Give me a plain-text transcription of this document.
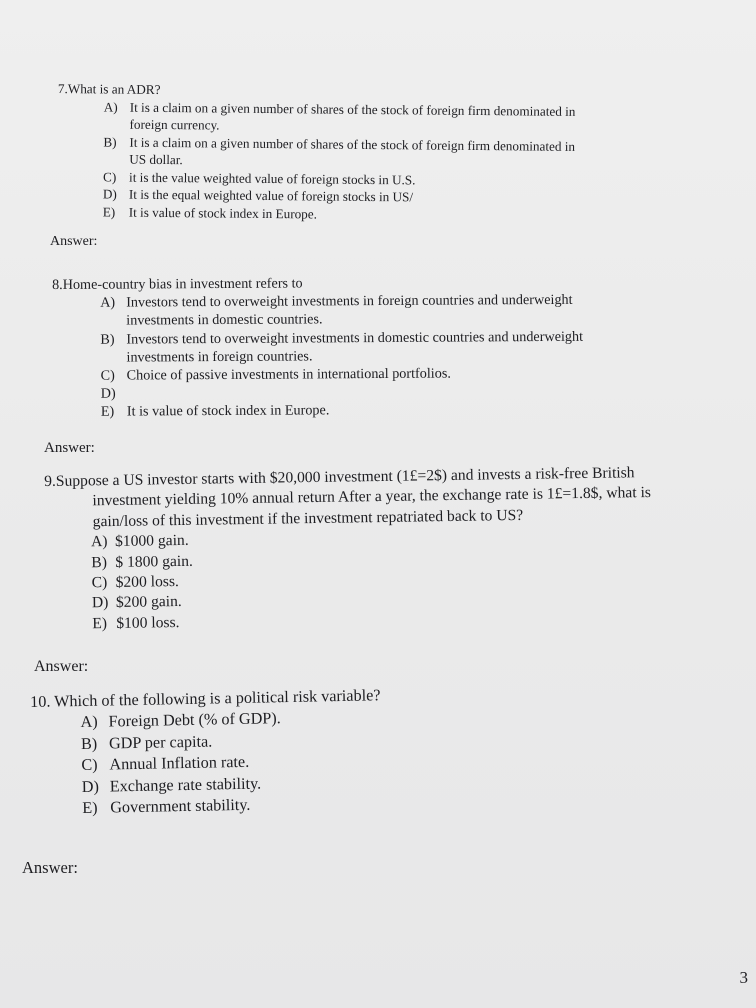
7.What is an ADR?
A) It is a claim on a given number of shares of the stock of foreign firm denominated in
foreign currency.
B) It is a claim on a given number of shares of the stock of foreign firm denominated in
US dollar.
C) it is the value weighted value of foreign stocks in U.S.
D) It is the equal weighted value of foreign stocks in US/
E)	It is value of stock index in Europe.
Answer:
8.Home-country bias in investment refers to
A) Investors tend to overweight investments in foreign countries and underweight
investments in domestic countries.
B) Investors tend to overweight investments in domestic countries and underweight
investments in foreign countries.
C) Choice of passive investments in international portfolios.
D)
E) It is value of stock index in Europe.
Answer:
9.Suppose a US investor starts with $20,000 investment (1£=2$) and invests a risk-free British
investment yielding 10% annual return After a year, the exchange rate is 1£=1.8$, what is
gain/loss of this investment if the investment repatriated back to US?
A) $1000 gain.
B) $ 1800 gain.
C) $200 loss.
D) $200 gain.
E) $100 loss.
Answer:
10. Which of the following is a political risk variable?
A) Foreign Debt (% of GDP).
B) GDP per capita.
C) Annual Inflation rate.
D) Exchange rate stability.
E) Government stability.
Answer:
3
